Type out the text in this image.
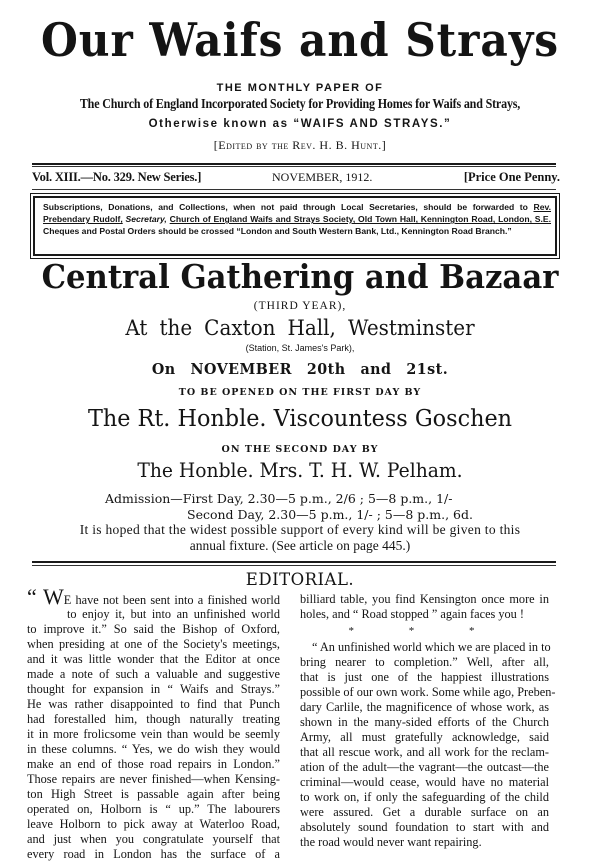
Our Waifs and Strays
THE MONTHLY PAPER OF
The Church of England Incorporated Society for Providing Homes for Waifs and Strays,
Otherwise known as “WAIFS AND STRAYS.”
[Edited by the Rev. H. B. Hunt.]
Vol. XIII.—No. 329. New Series.]	NOVEMBER, 1912.	[Price One Penny.
Subscriptions, Donations, and Collections, when not paid through Local Secretaries, should be forwarded to Rev. Prebendary Rudolf, Secretary, Church of England Waifs and Strays Society, Old Town Hall, Kennington Road, London, S.E. Cheques and Postal Orders should be crossed “London and South Western Bank, Ltd., Kennington Road Branch.”
Central Gathering and Bazaar
(THIRD YEAR),
At the Caxton Hall, Westminster
(Station, St. James's Park),
On NOVEMBER 20th and 21st.
TO BE OPENED ON THE FIRST DAY BY
The Rt. Honble. Viscountess Goschen
ON THE SECOND DAY BY
The Honble. Mrs. T. H. W. Pelham.
Admission—First Day, 2.30—5 p.m., 2/6 ; 5—8 p.m., 1/-
Second Day, 2.30—5 p.m., 1/- ; 5—8 p.m., 6d.
It is hoped that the widest possible support of every kind will be given to this
annual fixture. (See article on page 445.)
EDITORIAL.
“ WE have not been sent into a finished world
to enjoy it, but into an unfinished world
to improve it.” So said the Bishop of Oxford,
when presiding at one of the Society's meetings,
and it was little wonder that the Editor at once
made a note of such a valuable and suggestive
thought for expansion in “ Waifs and Strays.”
He was rather disappointed to find that Punch
had forestalled him, though naturally treating
it in more frolicsome vein than would be seemly
in these columns. “ Yes, we do wish they would
make an end of those road repairs in London.”
Those repairs are never finished—when Kensing-
ton High Street is passable again after being
operated on, Holborn is “ up.” The labourers
leave Holborn to pick away at Waterloo Road,
and just when you congratulate yourself that
every road in London has the surface of a
billiard table, you find Kensington once more in
holes, and “ Road stopped ” again faces you !
* * *
“ An unfinished world which we are placed in to
bring nearer to completion.” Well, after all,
that is just one of the happiest illustrations
possible of our own work. Some while ago, Preben-
dary Carlile, the magnificence of whose work, as
shown in the many-sided efforts of the Church
Army, all must gratefully acknowledge, said
that all rescue work, and all work for the reclam-
ation of the adult—the vagrant—the outcast—the
criminal—would cease, would have no material
to work on, if only the safeguarding of the child
were assured. Get a durable surface on an
absolutely sound foundation to start with and
the road would never want repairing.
